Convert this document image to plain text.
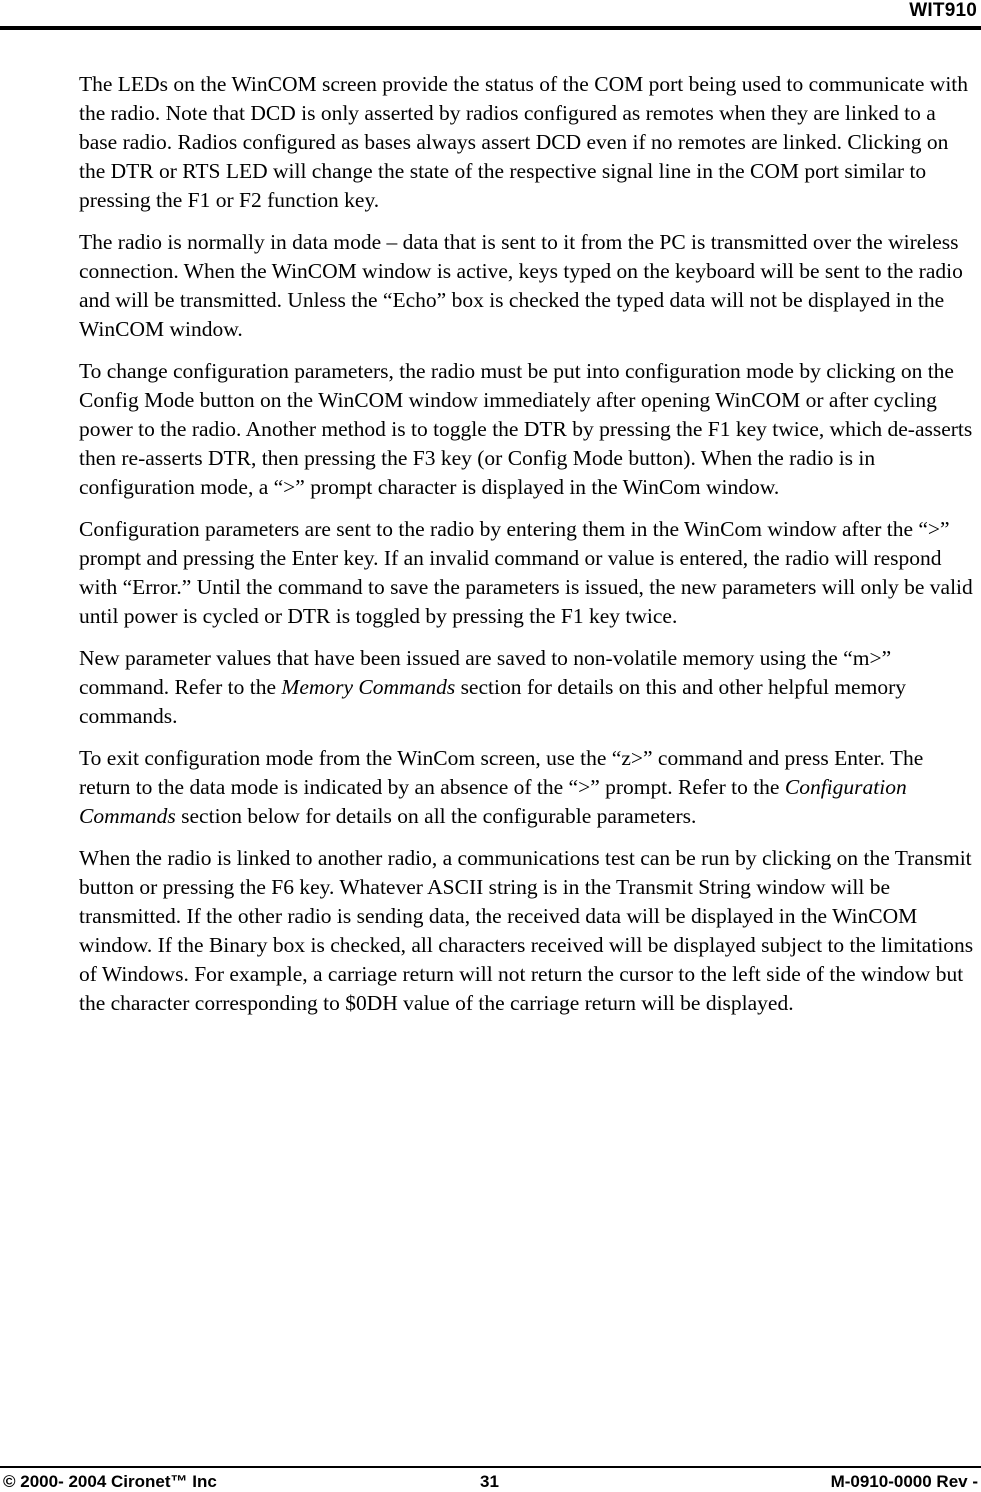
WIT910

The LEDs on the WinCOM screen provide the status of the COM port being used to communicate with the radio. Note that DCD is only asserted by radios configured as remotes when they are linked to a base radio. Radios configured as bases always assert DCD even if no remotes are linked. Clicking on the DTR or RTS LED will change the state of the respective signal line in the COM port similar to pressing the F1 or F2 function key.

The radio is normally in data mode – data that is sent to it from the PC is transmitted over the wireless connection. When the WinCOM window is active, keys typed on the keyboard will be sent to the radio and will be transmitted. Unless the “Echo” box is checked the typed data will not be displayed in the WinCOM window.

To change configuration parameters, the radio must be put into configuration mode by clicking on the Config Mode button on the WinCOM window immediately after opening WinCOM or after cycling power to the radio. Another method is to toggle the DTR by pressing the F1 key twice, which de-asserts then re-asserts DTR, then pressing the F3 key (or Config Mode button). When the radio is in configuration mode, a “>” prompt character is displayed in the WinCom window.

Configuration parameters are sent to the radio by entering them in the WinCom window after the “>” prompt and pressing the Enter key. If an invalid command or value is entered, the radio will respond with “Error.” Until the command to save the parameters is issued, the new parameters will only be valid until power is cycled or DTR is toggled by pressing the F1 key twice.

New parameter values that have been issued are saved to non-volatile memory using the “m>” command. Refer to the Memory Commands section for details on this and other helpful memory commands.

To exit configuration mode from the WinCom screen, use the “z>” command and press Enter. The return to the data mode is indicated by an absence of the “>” prompt. Refer to the Configuration Commands section below for details on all the configurable parameters.

When the radio is linked to another radio, a communications test can be run by clicking on the Transmit button or pressing the F6 key. Whatever ASCII string is in the Transmit String window will be transmitted. If the other radio is sending data, the received data will be displayed in the WinCOM window. If the Binary box is checked, all characters received will be displayed subject to the limitations of Windows. For example, a carriage return will not return the cursor to the left side of the window but the character corresponding to $0DH value of the carriage return will be displayed.

© 2000- 2004 Cironet™ Inc	31	M-0910-0000 Rev -
